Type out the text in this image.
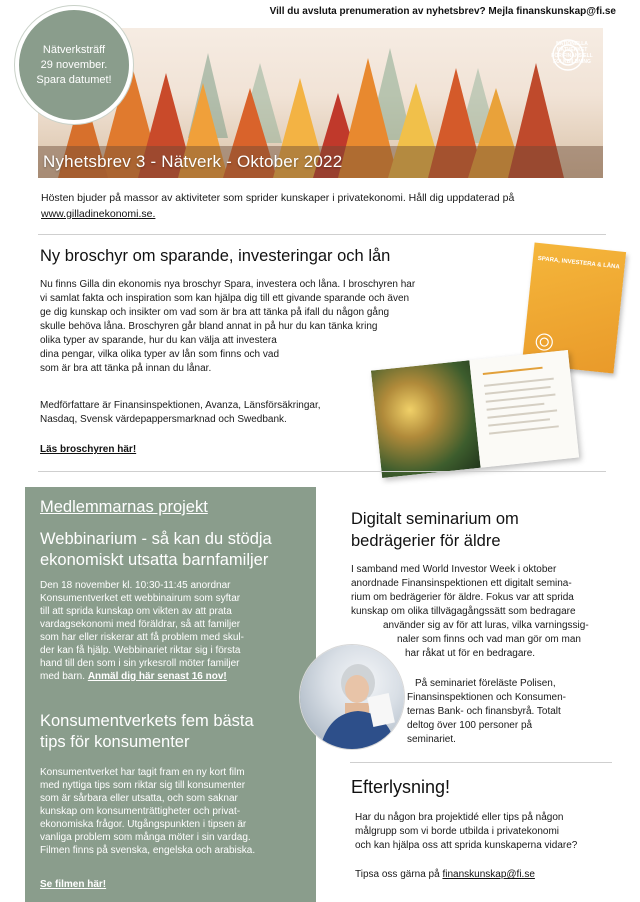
Vill du avsluta prenumeration av nyhetsbrev? Mejla finanskunskap@fi.se
Nyhetsbrev 3 - Nätverk - Oktober 2022
NATIONELLA
NÄTVERKET
FÖR FINANSIELL
FOLKBILDNING
Nätverksträff
29 november.
Spara datumet!
Hösten bjuder på massor av aktiviteter som sprider kunskaper i privatekonomi. Håll dig uppdaterad på
www.gilladinekonomi.se.
Ny broschyr om sparande, investeringar och lån
Nu finns Gilla din ekonomis nya broschyr Spara, investera och låna. I broschyren har
vi samlat fakta och inspiration som kan hjälpa dig till ett givande sparande och även
ge dig kunskap och insikter om vad som är bra att tänka på ifall du någon gång
skulle behöva låna. Broschyren går bland annat in på hur du kan tänka kring
olika typer av sparande, hur du kan välja att investera
dina pengar, vilka olika typer av lån som finns och vad
som är bra att tänka på innan du lånar.
Medförfattare är Finansinspektionen, Avanza, Länsförsäkringar,
Nasdaq, Svensk värdepappersmarknad och Swedbank.
Läs broschyren här!
SPARA, INVESTERA & LÅNA
Medlemmarnas projekt
Webbinarium - så kan du stödja
ekonomiskt utsatta barnfamiljer
Den 18 november kl. 10:30-11:45 anordnar
Konsumentverket ett webbinairum som syftar
till att sprida kunskap om vikten av att prata
vardagsekonomi med föräldrar, så att familjer
som har eller riskerar att få problem med skul-
der kan få hjälp. Webbinariet riktar sig i första
hand till den som i sin yrkesroll möter familjer
med barn. Anmäl dig här senast 16 nov!
Konsumentverkets fem bästa
tips för konsumenter
Konsumentverket har tagit fram en ny kort film
med nyttiga tips som riktar sig till konsumenter
som är sårbara eller utsatta, och som saknar
kunskap om konsumenträttigheter och privat-
ekonomiska frågor. Utgångspunkten i tipsen är
vanliga problem som många möter i sin vardag.
Filmen finns på svenska, engelska och arabiska.
Se filmen här!
Digitalt seminarium om
bedrägerier för äldre
I samband med World Investor Week i oktober
anordnade Finansinspektionen ett digitalt semina-
rium om bedrägerier för äldre. Fokus var att sprida
kunskap om olika tillvägagångssätt som bedragare
använder sig av för att luras, vilka varningssig-
naler som finns och vad man gör om man
har råkat ut för en bedragare.
På seminariet föreläste Polisen,
Finansinspektionen och Konsumen-
ternas Bank- och finansbyrå. Totalt
deltog över 100 personer på
seminariet.
Efterlysning!
Har du någon bra projektidé eller tips på någon
målgrupp som vi borde utbilda i privatekonomi
och kan hjälpa oss att sprida kunskaperna vidare?
Tipsa oss gärna på finanskunskap@fi.se
